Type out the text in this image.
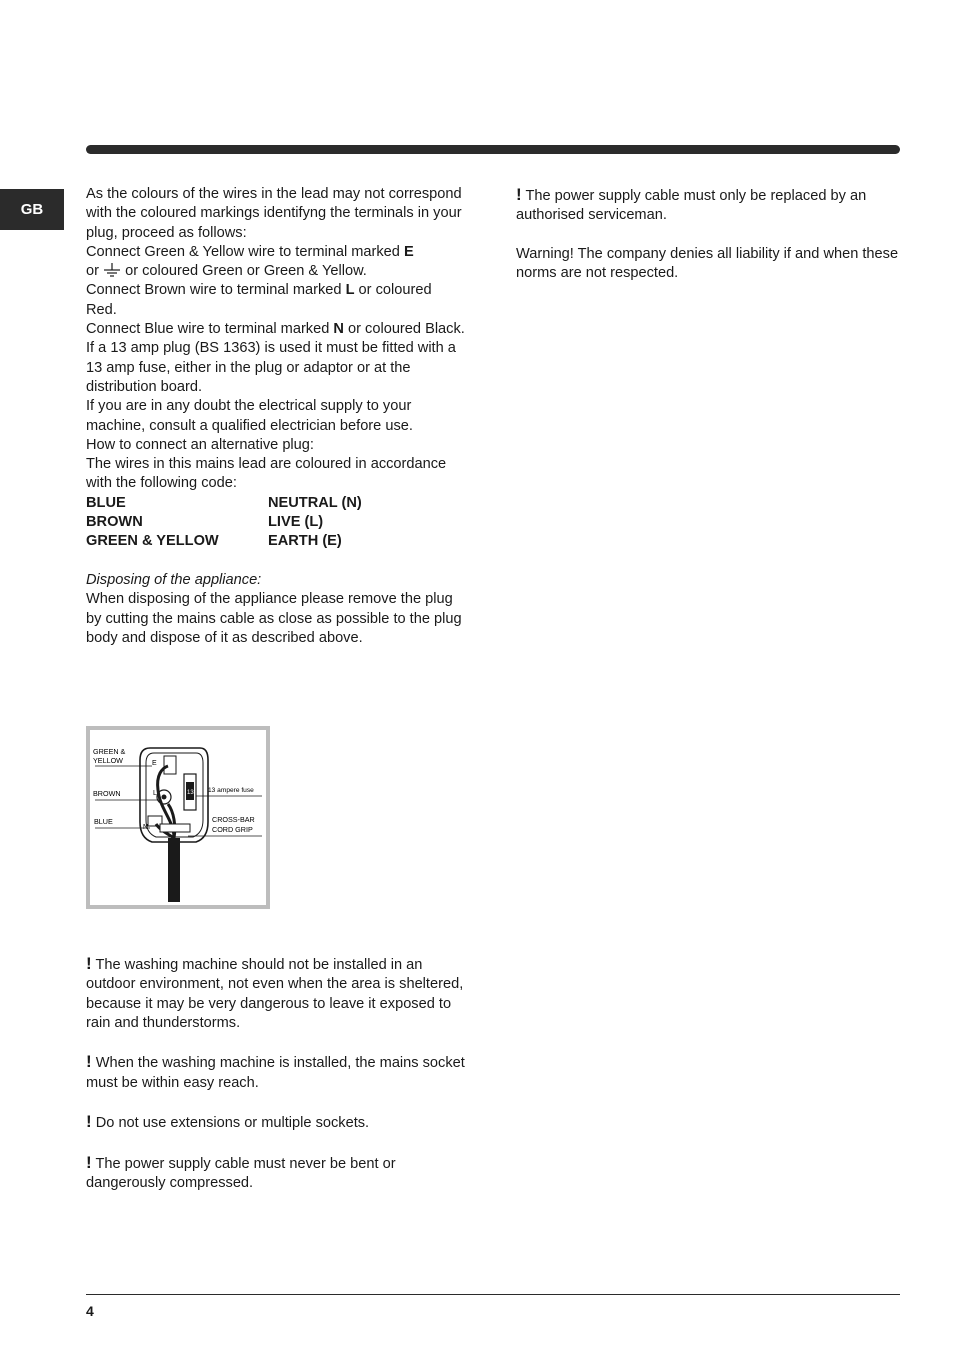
GB

As the colours of the wires in the lead may not correspond with the coloured markings identifyng the terminals in your plug, proceed as follows:

Connect Green & Yellow wire to terminal marked E
or or coloured Green or Green & Yellow.

Connect Brown wire to terminal marked L or coloured Red.

Connect Blue wire to terminal marked N or coloured Black.

If a 13 amp plug (BS 1363) is used it must be fitted with a

13 amp fuse, either in the plug or adaptor or at the distribution board.

If you are in any doubt the electrical supply to your machine, consult a qualified electrician before use.

How to connect an alternative plug:

The wires in this mains lead are coloured in accordance with the following code:

BLUE	NEUTRAL (N)
BROWN	LIVE (L)
GREEN & YELLOW	EARTH (E)

Disposing of the appliance:

When disposing of the appliance please remove the plug by cutting the mains cable as close as possible to the plug body and dispose of it as described above.

E
13
L
N
GREEN &
YELLOW
BROWN
BLUE
13 ampere fuse
CROSS-BAR
CORD GRIP

! The washing machine should not be installed in an outdoor environment, not even when the area is sheltered, because it may be very dangerous to leave it exposed to rain and thunderstorms.

! When the washing machine is installed, the mains socket must be within easy reach.

! Do not use extensions or multiple sockets.

! The power supply cable must never be bent or dangerously compressed.

! The power supply cable must only be replaced by an authorised serviceman.

Warning! The company denies all liability if and when these norms are not respected.

4
